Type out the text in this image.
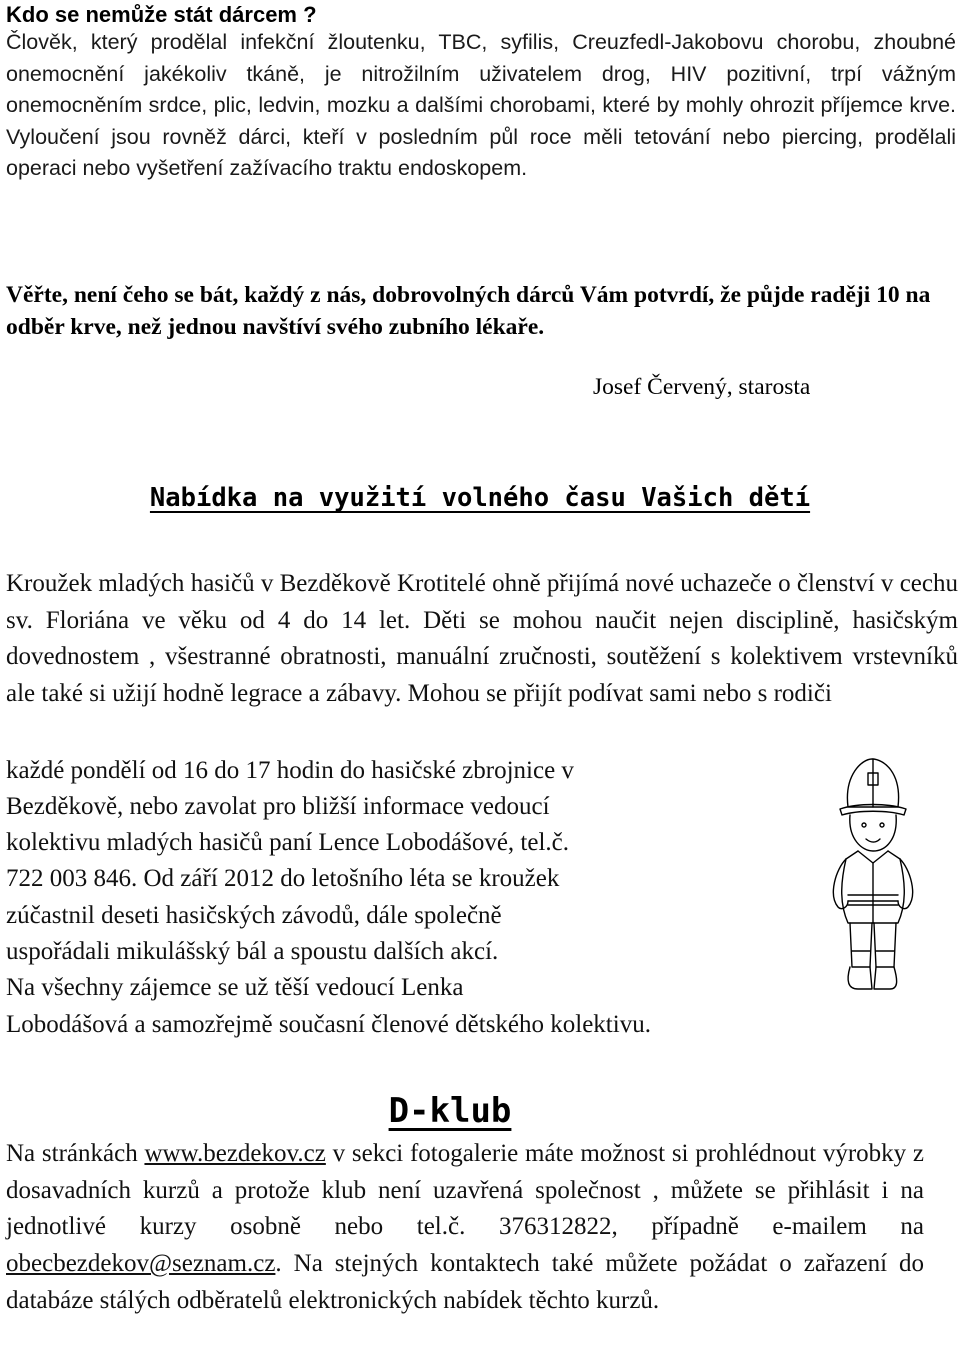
Kdo se nemůže stát dárcem ?

Člověk, který prodělal infekční žloutenku, TBC, syfilis, Creuzfedl-Jakobovu chorobu, zhoubné onemocnění jakékoliv tkáně, je nitrožilním uživatelem drog, HIV pozitivní, trpí vážným onemocněním srdce, plic, ledvin, mozku a dalšími chorobami, které by mohly ohrozit příjemce krve. Vyloučení jsou rovněž dárci, kteří v posledním půl roce měli tetování nebo piercing, prodělali operaci nebo vyšetření zažívacího traktu endoskopem.

Věřte, není čeho se bát, každý z nás, dobrovolných dárců Vám potvrdí, že půjde raději 10 na odběr krve, než jednou navštíví svého zubního lékaře.

Josef Červený, starosta

Nabídka na využití volného času Vašich dětí

Kroužek mladých hasičů v Bezděkově Krotitelé ohně přijímá nové uchazeče o členství v cechu sv. Floriána ve věku od 4 do 14 let. Děti se mohou naučit nejen disciplině, hasičským dovednostem , všestranné obratnosti, manuální zručnosti, soutěžení s kolektivem vrstevníků ale také si užijí hodně legrace a zábavy. Mohou se přijít podívat sami nebo s rodiči

každé pondělí od 16 do 17 hodin do hasičské zbrojnice v

Bezděkově, nebo zavolat pro bližší informace vedoucí

kolektivu mladých hasičů paní Lence Lobodášové, tel.č.

722 003 846. Od září 2012 do letošního léta se kroužek

zúčastnil deseti hasičských závodů, dále společně

uspořádali mikulášský bál a spoustu dalších akcí.

Na všechny zájemce se už těší vedoucí Lenka

Lobodášová a samozřejmě současní členové dětského kolektivu.

D-klub

Na stránkách www.bezdekov.cz v sekci fotogalerie máte možnost si prohlédnout výrobky z dosavadních kurzů a protože klub není uzavřená společnost , můžete se přihlásit i na jednotlivé kurzy osobně nebo tel.č. 376312822, případně e-mailem na obecbezdekov@seznam.cz. Na stejných kontaktech také můžete požádat o zařazení do databáze stálých odběratelů elektronických nabídek těchto kurzů.
